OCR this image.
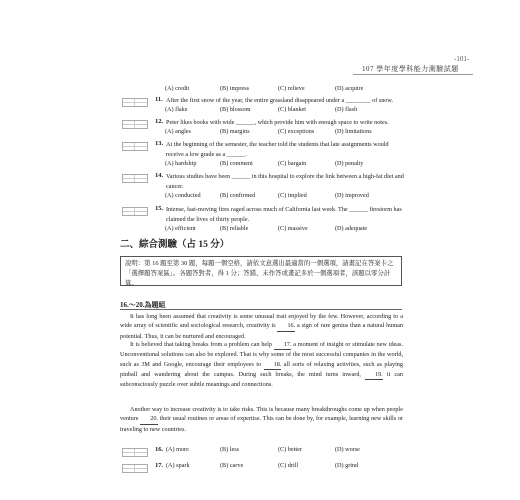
-101-
107 學年度學科能力測驗試題
(A) credit	(B) impress	(C) relieve	(D) acquire
11. After the first snow of the year, the entire grassland disappeared under a ________ of snow.
(A) flake	(B) blossom	(C) blanket	(D) flash
12. Peter likes books with wide ______, which provide him with enough space to write notes.
(A) angles	(B) margins	(C) exceptions	(D) limitations
13. At the beginning of the semester, the teacher told the students that late assignments would receive a low grade as a ______.
(A) hardship	(B) comment	(C) bargain	(D) penalty
14. Various studies have been ______ in this hospital to explore the link between a high-fat diet and cancer.
(A) conducted	(B) confirmed	(C) implied	(D) improved
15. Intense, fast-moving fires raged across much of California last week. The ______ firestorm has claimed the lives of thirty people.
(A) efficient	(B) reliable	(C) massive	(D) adequate
二、綜合測驗（占 15 分）
說明：第 16 題至第 30 題，每題一個空格，請依文意選出最適當的一個選項，請畫記在答案卡之「選擇題答案區」。各題答對者，得 1 分；答錯、未作答或畫記多於一個選項者，該題以零分計算。
16.～20.為題組
It has long been assumed that creativity is some unusual trait enjoyed by the few. However, according to a wide array of scientific and sociological research, creativity is 16. a sign of rare genius than a natural human potential. Thus, it can be nurtured and encouraged.
It is believed that taking breaks from a problem can help 17. a moment of insight or stimulate new ideas. Unconventional solutions can also be explored. That is why some of the most successful companies in the world, such as 3M and Google, encourage their employees to 18. all sorts of relaxing activities, such as playing pinball and wandering about the campus. During such breaks, the mind turns inward, 19. it can subconsciously puzzle over subtle meanings and connections.
Another way to increase creativity is to take risks. This is because many breakthroughs come up when people venture 20. their usual routines or areas of expertise. This can be done by, for example, learning new skills or traveling to new countries.
16. (A) more	(B) less	(C) better	(D) worse
17. (A) spark	(B) carve	(C) drill	(D) grind
